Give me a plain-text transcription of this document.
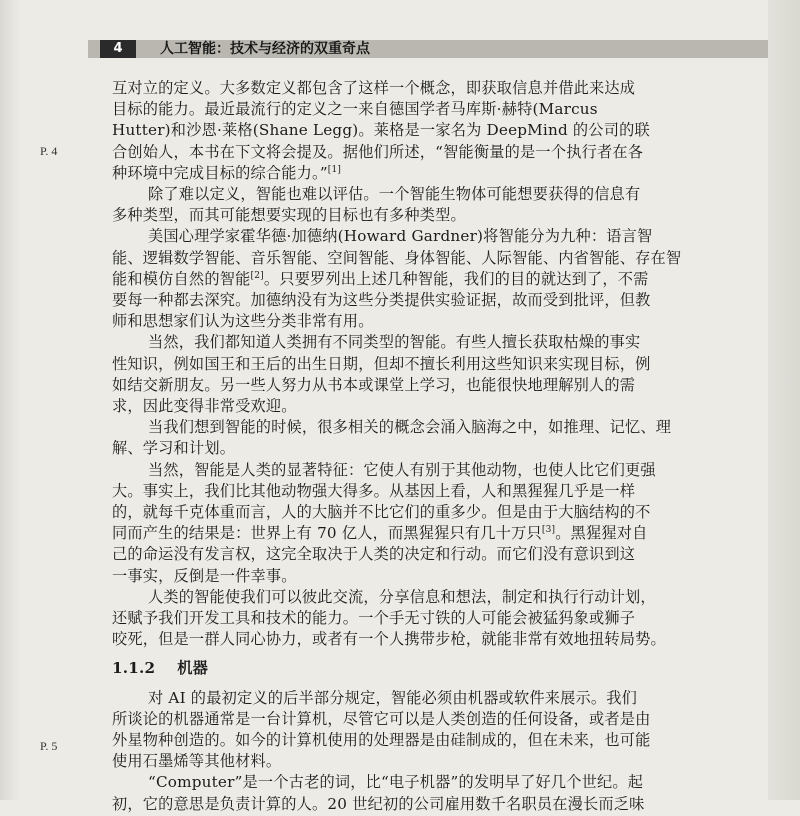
4	人工智能：技术与经济的双重奇点
P. 4
P. 5
互对立的定义。大多数定义都包含了这样一个概念，即获取信息并借此来达成
目标的能力。最近最流行的定义之一来自德国学者马库斯·赫特(Marcus
Hutter)和沙恩·莱格(Shane Legg)。莱格是一家名为 DeepMind 的公司的联
合创始人，本书在下文将会提及。据他们所述，“智能衡量的是一个执行者在各
种环境中完成目标的综合能力。”[1]
除了难以定义，智能也难以评估。一个智能生物体可能想要获得的信息有
多种类型，而其可能想要实现的目标也有多种类型。
美国心理学家霍华德·加德纳(Howard Gardner)将智能分为九种：语言智
能、逻辑数学智能、音乐智能、空间智能、身体智能、人际智能、内省智能、存在智
能和模仿自然的智能[2]。只要罗列出上述几种智能，我们的目的就达到了，不需
要每一种都去深究。加德纳没有为这些分类提供实验证据，故而受到批评，但教
师和思想家们认为这些分类非常有用。
当然，我们都知道人类拥有不同类型的智能。有些人擅长获取枯燥的事实
性知识，例如国王和王后的出生日期，但却不擅长利用这些知识来实现目标，例
如结交新朋友。另一些人努力从书本或课堂上学习，也能很快地理解别人的需
求，因此变得非常受欢迎。
当我们想到智能的时候，很多相关的概念会涌入脑海之中，如推理、记忆、理
解、学习和计划。
当然，智能是人类的显著特征：它使人有别于其他动物，也使人比它们更强
大。事实上，我们比其他动物强大得多。从基因上看，人和黑猩猩几乎是一样
的，就每千克体重而言，人的大脑并不比它们的重多少。但是由于大脑结构的不
同而产生的结果是：世界上有 70 亿人，而黑猩猩只有几十万只[3]。黑猩猩对自
己的命运没有发言权，这完全取决于人类的决定和行动。而它们没有意识到这
一事实，反倒是一件幸事。
人类的智能使我们可以彼此交流，分享信息和想法，制定和执行行动计划，
还赋予我们开发工具和技术的能力。一个手无寸铁的人可能会被猛犸象或狮子
咬死，但是一群人同心协力，或者有一个人携带步枪，就能非常有效地扭转局势。
1.1.2 机器
对 AI 的最初定义的后半部分规定，智能必须由机器或软件来展示。我们
所谈论的机器通常是一台计算机，尽管它可以是人类创造的任何设备，或者是由
外星物种创造的。如今的计算机使用的处理器是由硅制成的，但在未来，也可能
使用石墨烯等其他材料。
“Computer”是一个古老的词，比“电子机器”的发明早了好几个世纪。起
初，它的意思是负责计算的人。20 世纪初的公司雇用数千名职员在漫长而乏味
